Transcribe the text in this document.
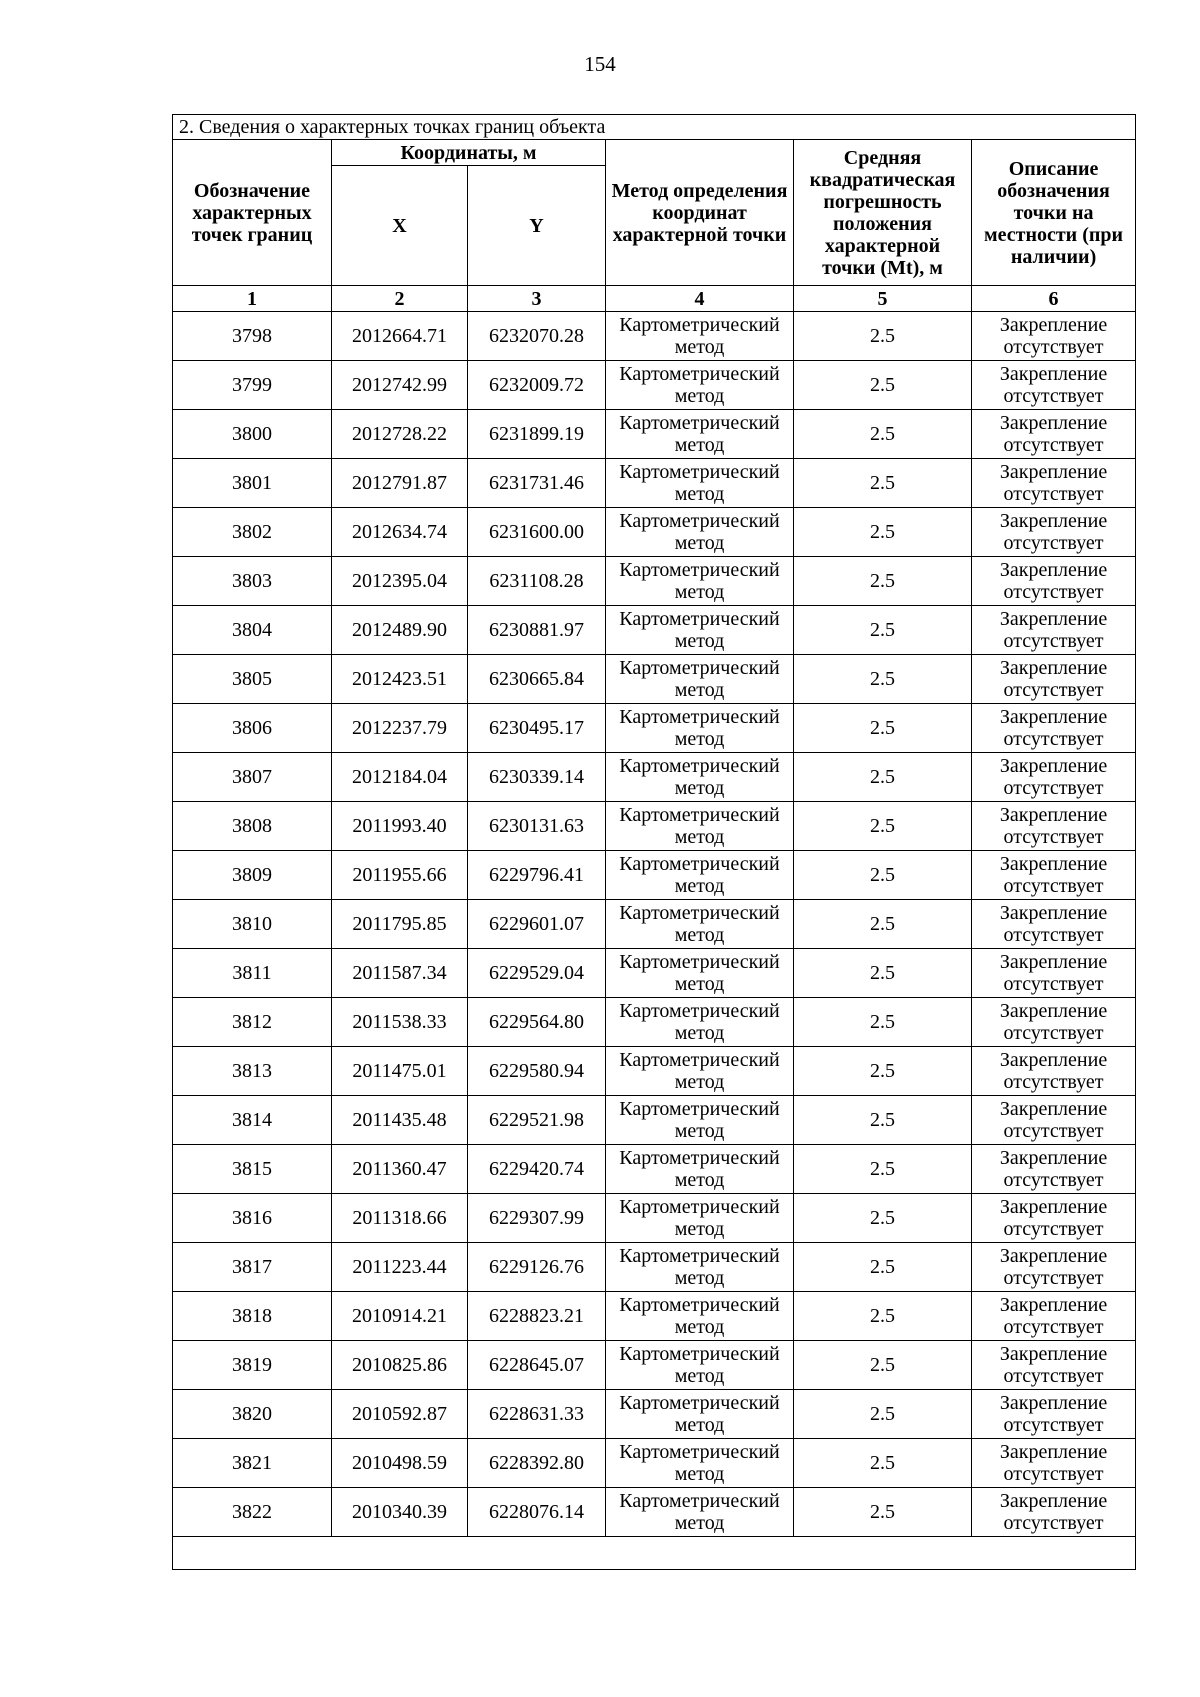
154
2. Сведения о характерных точках границ объекта					
Обозначение характерных точек границ	Координаты, м		Метод определения координат характерной точки	Средняя квадратическая погрешность положения характерной точки (Mt), м	Описание обозначения точки на местности (при наличии)
	X	Y			
1	2	3	4	5	6
3798	2012664.71	6232070.28	Картометрический метод	2.5	Закрепление отсутствует
3799	2012742.99	6232009.72	Картометрический метод	2.5	Закрепление отсутствует
3800	2012728.22	6231899.19	Картометрический метод	2.5	Закрепление отсутствует
3801	2012791.87	6231731.46	Картометрический метод	2.5	Закрепление отсутствует
3802	2012634.74	6231600.00	Картометрический метод	2.5	Закрепление отсутствует
3803	2012395.04	6231108.28	Картометрический метод	2.5	Закрепление отсутствует
3804	2012489.90	6230881.97	Картометрический метод	2.5	Закрепление отсутствует
3805	2012423.51	6230665.84	Картометрический метод	2.5	Закрепление отсутствует
3806	2012237.79	6230495.17	Картометрический метод	2.5	Закрепление отсутствует
3807	2012184.04	6230339.14	Картометрический метод	2.5	Закрепление отсутствует
3808	2011993.40	6230131.63	Картометрический метод	2.5	Закрепление отсутствует
3809	2011955.66	6229796.41	Картометрический метод	2.5	Закрепление отсутствует
3810	2011795.85	6229601.07	Картометрический метод	2.5	Закрепление отсутствует
3811	2011587.34	6229529.04	Картометрический метод	2.5	Закрепление отсутствует
3812	2011538.33	6229564.80	Картометрический метод	2.5	Закрепление отсутствует
3813	2011475.01	6229580.94	Картометрический метод	2.5	Закрепление отсутствует
3814	2011435.48	6229521.98	Картометрический метод	2.5	Закрепление отсутствует
3815	2011360.47	6229420.74	Картометрический метод	2.5	Закрепление отсутствует
3816	2011318.66	6229307.99	Картометрический метод	2.5	Закрепление отсутствует
3817	2011223.44	6229126.76	Картометрический метод	2.5	Закрепление отсутствует
3818	2010914.21	6228823.21	Картометрический метод	2.5	Закрепление отсутствует
3819	2010825.86	6228645.07	Картометрический метод	2.5	Закрепление отсутствует
3820	2010592.87	6228631.33	Картометрический метод	2.5	Закрепление отсутствует
3821	2010498.59	6228392.80	Картометрический метод	2.5	Закрепление отсутствует
3822	2010340.39	6228076.14	Картометрический метод	2.5	Закрепление отсутствует
